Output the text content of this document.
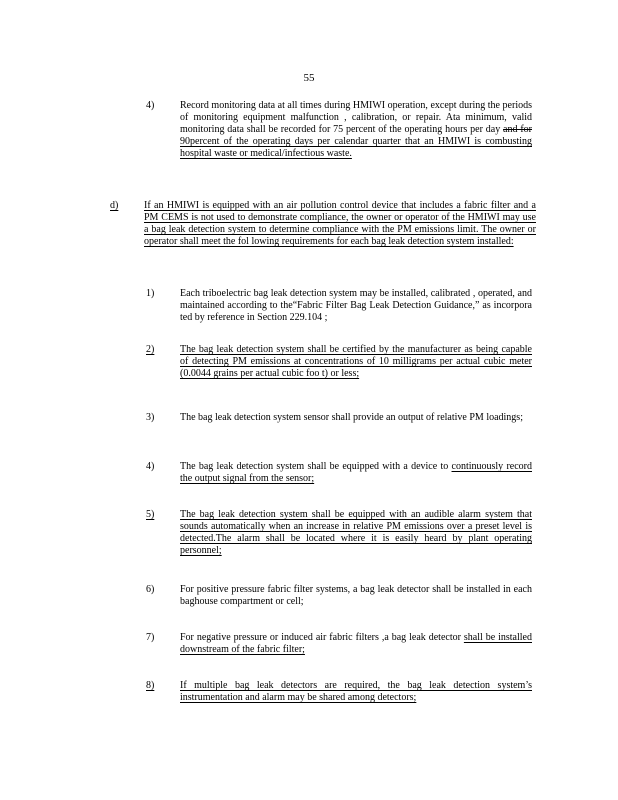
55
4)	Record monitoring data at all times during HMIWI operation, except during the periods of monitoring equipment malfunction , calibration, or repair. Ata minimum, valid monitoring data shall be recorded for 75 percent of the operating hours per day and for 90percent of the operating days per calendar quarter that an HMIWI is combusting hospital waste or medical/infectious waste.
d)	If an HMIWI is equipped with an air pollution control device that includes a fabric filter and a PM CEMS is not used to demonstrate compliance, the owner or operator of the HMIWI may use a bag leak detection system to determine compliance with the PM emissions limit. The owner or operator shall meet the fol lowing requirements for each bag leak detection system installed:
1)	Each triboelectric bag leak detection system may be installed, calibrated , operated, and maintained according to the“Fabric Filter Bag Leak Detection Guidance,” as incorpora ted by reference in Section 229.104 ;
2)	The bag leak detection system shall be certified by the manufacturer as being capable of detecting PM emissions at concentrations of 10 milligrams per actual cubic meter (0.0044 grains per actual cubic foo t) or less;
3)	The bag leak detection system sensor shall provide an output of relative PM loadings;
4)	The bag leak detection system shall be equipped with a device to continuously record the output signal from the sensor;
5)	The bag leak detection system shall be equipped with an audible alarm system that sounds automatically when an increase in relative PM emissions over a preset level is detected.The alarm shall be located where it is easily heard by plant operating personnel;
6)	For positive pressure fabric filter systems, a bag leak detector shall be installed in each baghouse compartment or cell;
7)	For negative pressure or induced air fabric filters ,a bag leak detector shall be installed downstream of the fabric filter;
8)	If multiple bag leak detectors are required, the bag leak detection system’s instrumentation and alarm may be shared among detectors;
